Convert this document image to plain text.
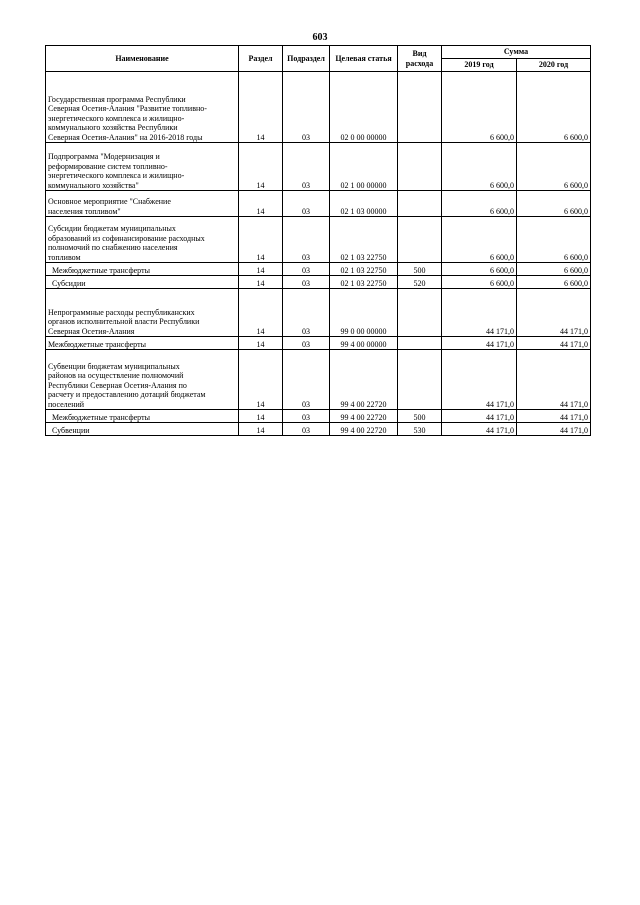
603
Наименование	Раздел	Подраздел	Целевая статья	Вид расхода	Сумма	
					2019 год	2020 год
Государственная программа Республики
Северная Осетия-Алания "Развитие топливно-
энергетического комплекса и жилищно-
коммунального хозяйства Республики
Северная Осетия-Алания" на 2016-2018 годы	14	03	02 0 00 00000		6 600,0	6 600,0
Подпрограмма "Модернизация и
реформирование систем топливно-
энергетического комплекса и жилищно-
коммунального хозяйства"	14	03	02 1 00 00000		6 600,0	6 600,0
Основное мероприятие "Снабжение
населения топливом"	14	03	02 1 03 00000		6 600,0	6 600,0
Субсидии бюджетам муниципальных
образований из софинансирование расходных
полномочий по снабжению населения
топливом	14	03	02 1 03 22750		6 600,0	6 600,0
Межбюджетные трансферты	14	03	02 1 03 22750	500	6 600,0	6 600,0
Субсидии	14	03	02 1 03 22750	520	6 600,0	6 600,0
Непрограммные расходы республиканских
органов исполнительной власти Республики
Северная Осетия-Алания	14	03	99 0 00 00000		44 171,0	44 171,0
Межбюджетные трансферты	14	03	99 4 00 00000		44 171,0	44 171,0
Субвенции бюджетам муниципальных
районов на осуществление полномочий
Республики Северная Осетия-Алания по
расчету и предоставлению дотаций бюджетам
поселений	14	03	99 4 00 22720		44 171,0	44 171,0
Межбюджетные трансферты	14	03	99 4 00 22720	500	44 171,0	44 171,0
Субвенции	14	03	99 4 00 22720	530	44 171,0	44 171,0
